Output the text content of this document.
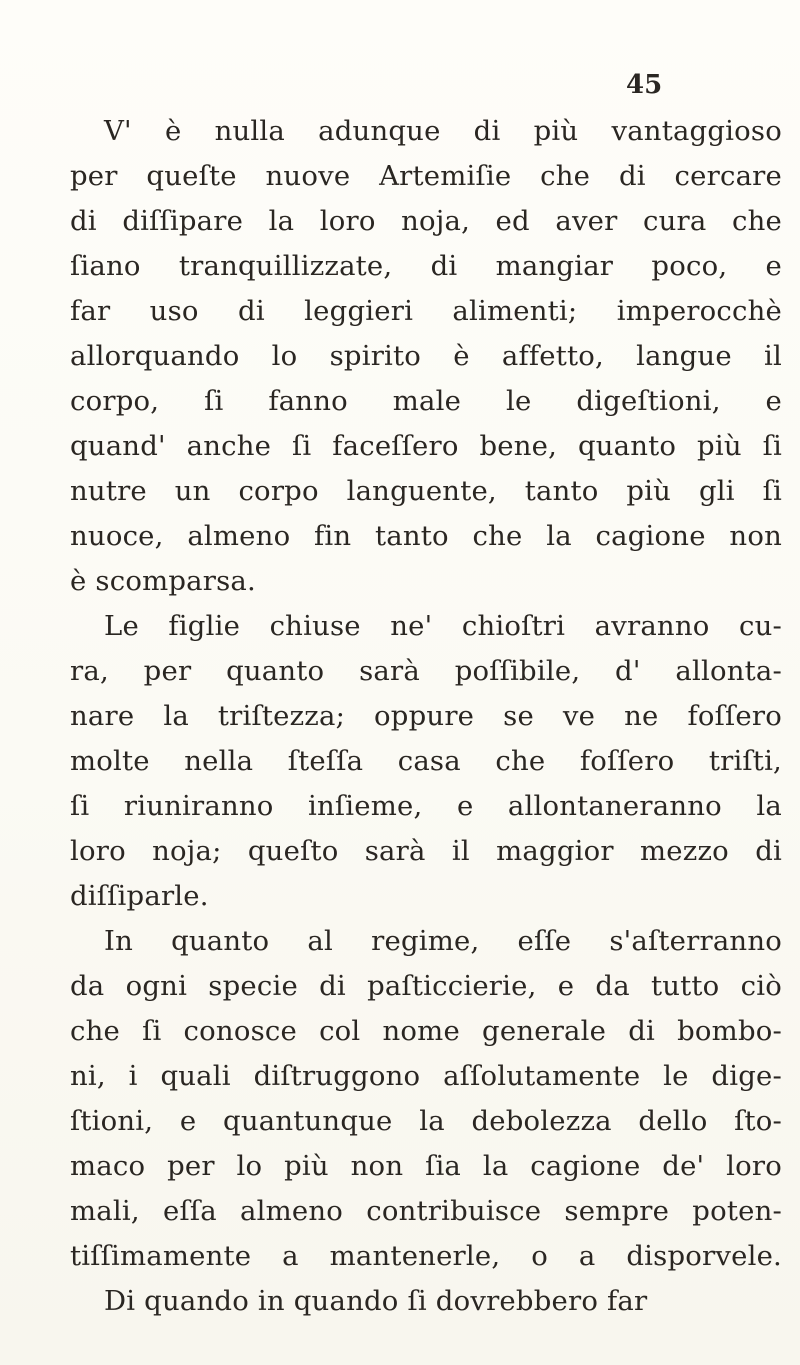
45

V' è nulla adunque di più vantaggioso

per queſte nuove Artemiſie che di cercare

di diſſipare la loro noja, ed aver cura che

ſiano tranquillizzate, di mangiar poco, e

far uso di leggieri alimenti; imperocchè

allorquando lo spirito è affetto, langue il

corpo, ſi fanno male le digeſtioni, e

quand' anche ſi faceſſero bene, quanto più ſi

nutre un corpo languente, tanto più gli ſi

nuoce, almeno fin tanto che la cagione non

è scomparsa.

Le figlie chiuse ne' chioſtri avranno cu-

ra, per quanto sarà poſſibile, d' allonta-

nare la triſtezza; oppure se ve ne foſſero

molte nella ſteſſa casa che foſſero triſti,

ſi riuniranno inſieme, e allontaneranno la

loro noja; queſto sarà il maggior mezzo di

diſſiparle.

In quanto al regime, eſſe s'aſterranno

da ogni specie di paſticcierie, e da tutto ciò

che ſi conosce col nome generale di bombo-

ni, i quali diſtruggono aſſolutamente le dige-

ſtioni, e quantunque la debolezza dello ſto-

maco per lo più non ſia la cagione de' loro

mali, eſſa almeno contribuisce sempre poten-

tiſſimamente a mantenerle, o a disporvele.

Di quando in quando ſi dovrebbero far
